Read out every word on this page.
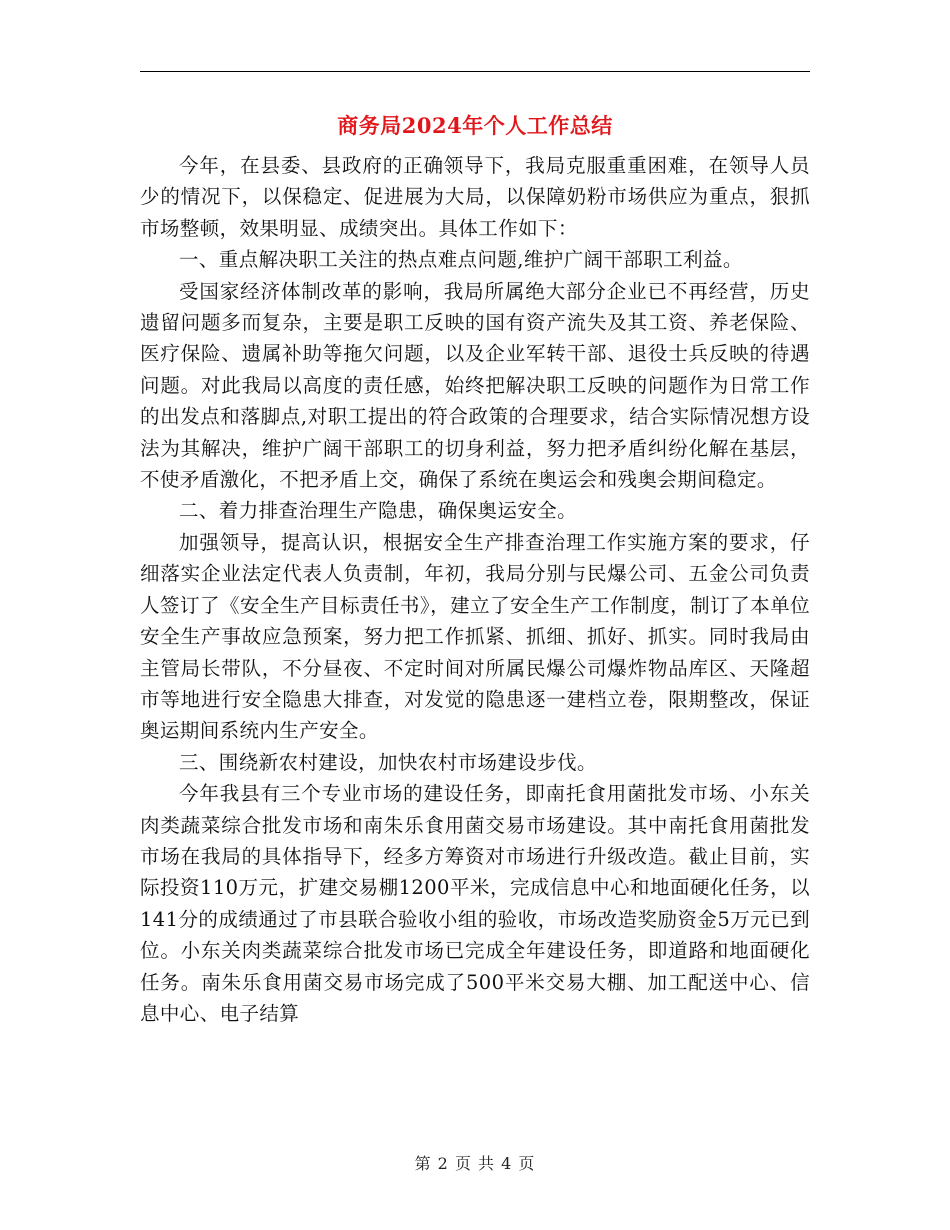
商务局2024年个人工作总结

今年，在县委、县政府的正确领导下，我局克服重重困难，在领导人员少的情况下，以保稳定、促进展为大局，以保障奶粉市场供应为重点，狠抓市场整顿，效果明显、成绩突出。具体工作如下：

一、重点解决职工关注的热点难点问题,维护广阔干部职工利益。

受国家经济体制改革的影响，我局所属绝大部分企业已不再经营，历史遗留问题多而复杂，主要是职工反映的国有资产流失及其工资、养老保险、医疗保险、遗属补助等拖欠问题，以及企业军转干部、退役士兵反映的待遇问题。对此我局以高度的责任感，始终把解决职工反映的问题作为日常工作的出发点和落脚点,对职工提出的符合政策的合理要求，结合实际情况想方设法为其解决，维护广阔干部职工的切身利益，努力把矛盾纠纷化解在基层，不使矛盾激化，不把矛盾上交，确保了系统在奥运会和残奥会期间稳定。

二、着力排查治理生产隐患，确保奥运安全。

加强领导，提高认识，根据安全生产排查治理工作实施方案的要求，仔细落实企业法定代表人负责制，年初，我局分别与民爆公司、五金公司负责人签订了《安全生产目标责任书》，建立了安全生产工作制度，制订了本单位安全生产事故应急预案，努力把工作抓紧、抓细、抓好、抓实。同时我局由主管局长带队，不分昼夜、不定时间对所属民爆公司爆炸物品库区、天隆超市等地进行安全隐患大排查，对发觉的隐患逐一建档立卷，限期整改，保证奥运期间系统内生产安全。

三、围绕新农村建设，加快农村市场建设步伐。

今年我县有三个专业市场的建设任务，即南托食用菌批发市场、小东关肉类蔬菜综合批发市场和南朱乐食用菌交易市场建设。其中南托食用菌批发市场在我局的具体指导下，经多方筹资对市场进行升级改造。截止目前，实际投资110万元，扩建交易棚1200平米，完成信息中心和地面硬化任务，以141分的成绩通过了市县联合验收小组的验收，市场改造奖励资金5万元已到位。小东关肉类蔬菜综合批发市场已完成全年建设任务，即道路和地面硬化任务。南朱乐食用菌交易市场完成了500平米交易大棚、加工配送中心、信息中心、电子结算

第 2 页 共 4 页
